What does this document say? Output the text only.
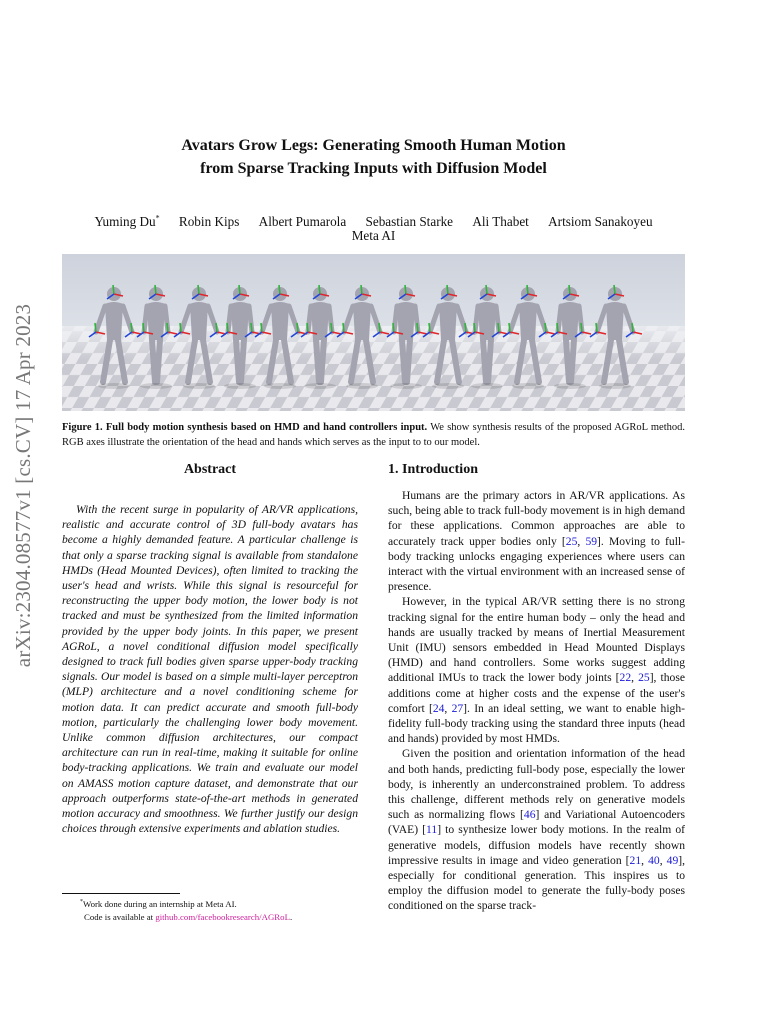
arXiv:2304.08577v1 [cs.CV] 17 Apr 2023
Avatars Grow Legs: Generating Smooth Human Motion
from Sparse Tracking Inputs with Diffusion Model
Yuming Du* Robin Kips Albert Pumarola Sebastian Starke Ali Thabet Artsiom Sanakoyeu
Meta AI
Figure 1. Full body motion synthesis based on HMD and hand controllers input. We show synthesis results of the proposed AGRoL method. RGB axes illustrate the orientation of the head and hands which serves as the input to to our model.
Abstract

With the recent surge in popularity of AR/VR applications, realistic and accurate control of 3D full-body avatars has become a highly demanded feature. A particular challenge is that only a sparse tracking signal is available from standalone HMDs (Head Mounted Devices), often limited to tracking the user's head and wrists. While this signal is resourceful for reconstructing the upper body motion, the lower body is not tracked and must be synthesized from the limited information provided by the upper body joints. In this paper, we present AGRoL, a novel conditional diffusion model specifically designed to track full bodies given sparse upper-body tracking signals. Our model is based on a simple multi-layer perceptron (MLP) architecture and a novel conditioning scheme for motion data. It can predict accurate and smooth full-body motion, particularly the challenging lower body movement. Unlike common diffusion architectures, our compact architecture can run in real-time, making it suitable for online body-tracking applications. We train and evaluate our model on AMASS motion capture dataset, and demonstrate that our approach outperforms state-of-the-art methods in generated motion accuracy and smoothness. We further justify our design choices through extensive experiments and ablation studies.

1. Introduction

Humans are the primary actors in AR/VR applications. As such, being able to track full-body movement is in high demand for these applications. Common approaches are able to accurately track upper bodies only [25, 59]. Moving to full-body tracking unlocks engaging experiences where users can interact with the virtual environment with an increased sense of presence.

However, in the typical AR/VR setting there is no strong tracking signal for the entire human body – only the head and hands are usually tracked by means of Inertial Measurement Unit (IMU) sensors embedded in Head Mounted Displays (HMD) and hand controllers. Some works suggest adding additional IMUs to track the lower body joints [22, 25], those additions come at higher costs and the expense of the user's comfort [24, 27]. In an ideal setting, we want to enable high-fidelity full-body tracking using the standard three inputs (head and hands) provided by most HMDs.

Given the position and orientation information of the head and both hands, predicting full-body pose, especially the lower body, is inherently an underconstrained problem. To address this challenge, different methods rely on generative models such as normalizing flows [46] and Variational Autoencoders (VAE) [11] to synthesize lower body motions. In the realm of generative models, diffusion models have recently shown impressive results in image and video generation [21, 40, 49], especially for conditional generation. This inspires us to employ the diffusion model to generate the fully-body poses conditioned on the sparse track-

*Work done during an internship at Meta AI.
Code is available at github.com/facebookresearch/AGRoL.
